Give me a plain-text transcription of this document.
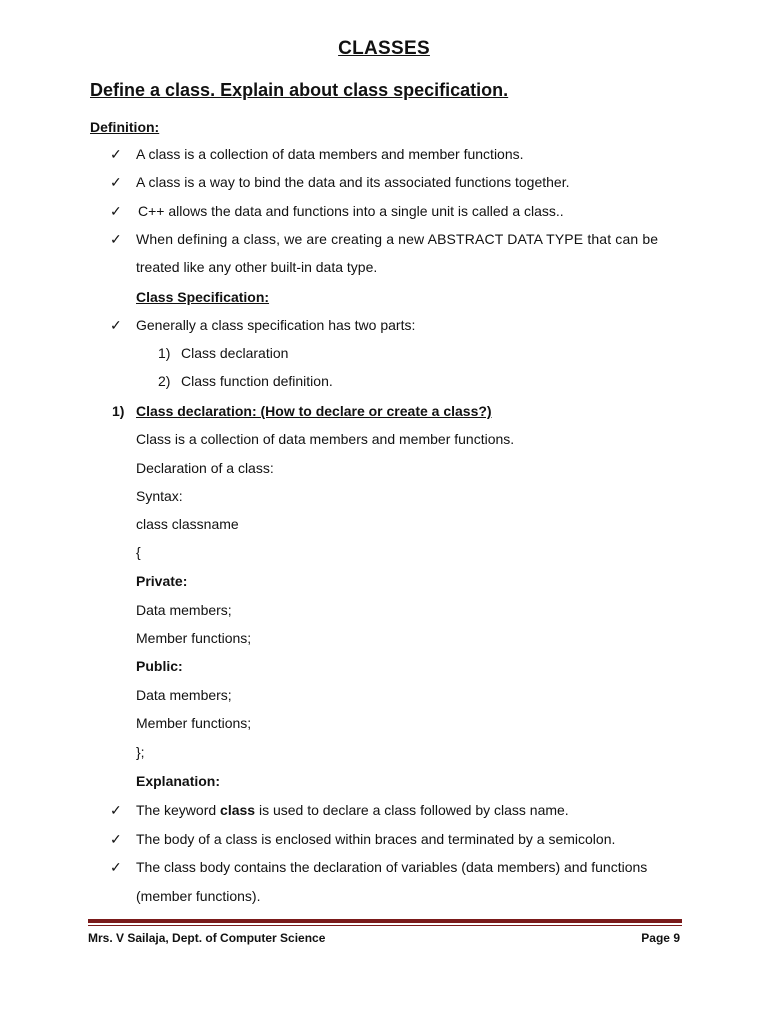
CLASSES
Define a class. Explain about class specification.
Definition:
✓ A class is a collection of data members and member functions.
✓ A class is a way to bind the data and its associated functions together.
✓ C++ allows the data and functions into a single unit is called a class..
✓ When defining a class, we are creating a new ABSTRACT DATA TYPE that can be
treated like any other built-in data type.
Class Specification:
✓ Generally a class specification has two parts:
1) Class declaration
2) Class function definition.
1) Class declaration: (How to declare or create a class?)
Class is a collection of data members and member functions.
Declaration of a class:
Syntax:
class classname
{
Private:
Data members;
Member functions;
Public:
Data members;
Member functions;
};
Explanation:
✓ The keyword class is used to declare a class followed by class name.
✓ The body of a class is enclosed within braces and terminated by a semicolon.
✓ The class body contains the declaration of variables (data members) and functions
(member functions).
Mrs. V Sailaja, Dept. of Computer Science	Page 9
